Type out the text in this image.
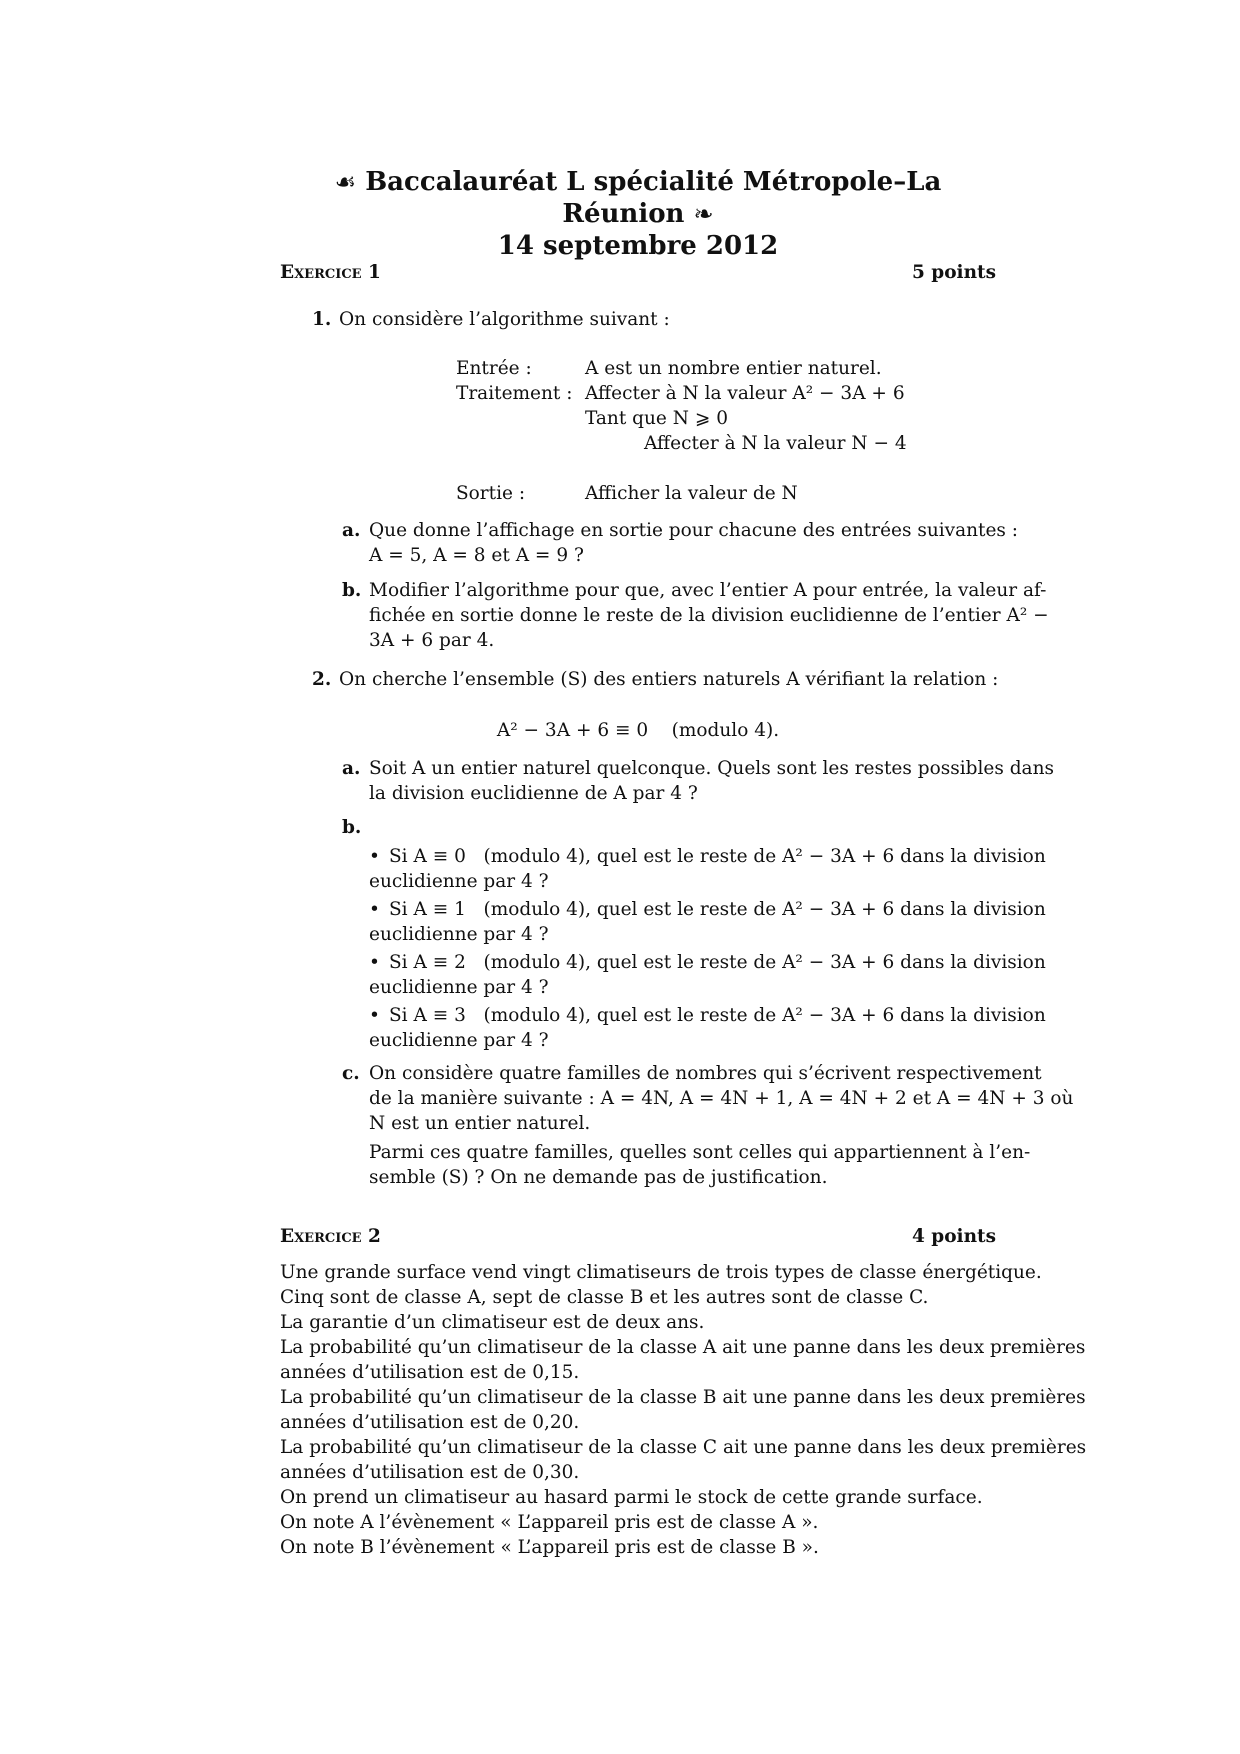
☙ Baccalauréat L spécialité Métropole–La Réunion ❧
14 septembre 2012
Exercice 1	5 points
1. On considère l’algorithme suivant :
Entrée :	A est un nombre entier naturel.
Traitement : Affecter à N la valeur A² − 3A + 6
Tant que N ⩾ 0
Affecter à N la valeur N − 4
Sortie :	Afficher la valeur de N
a. Que donne l’affichage en sortie pour chacune des entrées suivantes :
A = 5, A = 8 et A = 9 ?
b. Modifier l’algorithme pour que, avec l’entier A pour entrée, la valeur af-
fichée en sortie donne le reste de la division euclidienne de l’entier A² −
3A + 6 par 4.
2. On cherche l’ensemble (S) des entiers naturels A vérifiant la relation :
A² − 3A + 6 ≡ 0    (modulo 4).
a. Soit A un entier naturel quelconque. Quels sont les restes possibles dans
la division euclidienne de A par 4 ?
b.
• Si A ≡ 0   (modulo 4), quel est le reste de A² − 3A + 6 dans la division
euclidienne par 4 ?
• Si A ≡ 1   (modulo 4), quel est le reste de A² − 3A + 6 dans la division
euclidienne par 4 ?
• Si A ≡ 2   (modulo 4), quel est le reste de A² − 3A + 6 dans la division
euclidienne par 4 ?
• Si A ≡ 3   (modulo 4), quel est le reste de A² − 3A + 6 dans la division
euclidienne par 4 ?
c. On considère quatre familles de nombres qui s’écrivent respectivement
de la manière suivante : A = 4N, A = 4N + 1, A = 4N + 2 et A = 4N + 3 où
N est un entier naturel.
Parmi ces quatre familles, quelles sont celles qui appartiennent à l’en-
semble (S) ? On ne demande pas de justification.
Exercice 2	4 points
Une grande surface vend vingt climatiseurs de trois types de classe énergétique.
Cinq sont de classe A, sept de classe B et les autres sont de classe C.
La garantie d’un climatiseur est de deux ans.
La probabilité qu’un climatiseur de la classe A ait une panne dans les deux premières
années d’utilisation est de 0,15.
La probabilité qu’un climatiseur de la classe B ait une panne dans les deux premières
années d’utilisation est de 0,20.
La probabilité qu’un climatiseur de la classe C ait une panne dans les deux premières
années d’utilisation est de 0,30.
On prend un climatiseur au hasard parmi le stock de cette grande surface.
On note A l’évènement « L’appareil pris est de classe A ».
On note B l’évènement « L’appareil pris est de classe B ».
